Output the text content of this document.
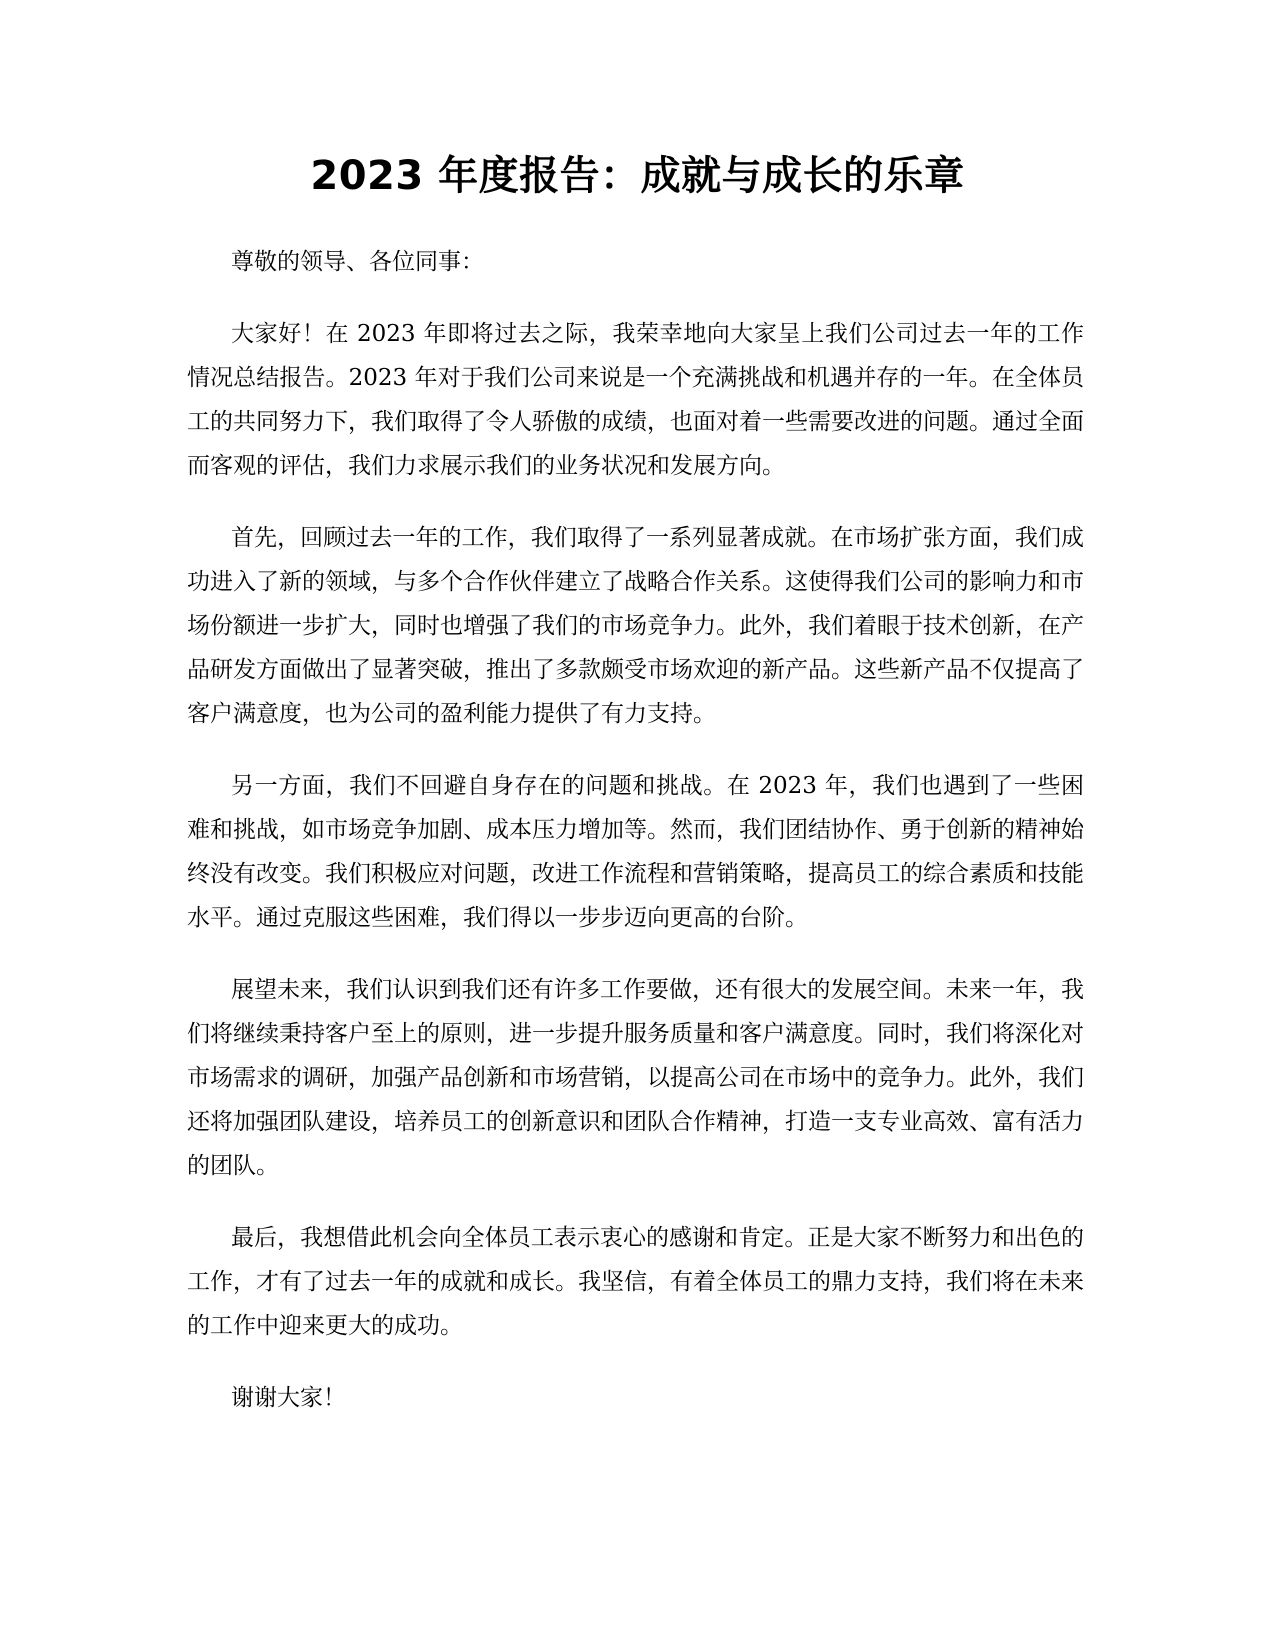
2023 年度报告：成就与成长的乐章

尊敬的领导、各位同事：

大家好！在 2023 年即将过去之际，我荣幸地向大家呈上我们公司过去一年的工作情况总结报告。2023 年对于我们公司来说是一个充满挑战和机遇并存的一年。在全体员工的共同努力下，我们取得了令人骄傲的成绩，也面对着一些需要改进的问题。通过全面而客观的评估，我们力求展示我们的业务状况和发展方向。

首先，回顾过去一年的工作，我们取得了一系列显著成就。在市场扩张方面，我们成功进入了新的领域，与多个合作伙伴建立了战略合作关系。这使得我们公司的影响力和市场份额进一步扩大，同时也增强了我们的市场竞争力。此外，我们着眼于技术创新，在产品研发方面做出了显著突破，推出了多款颇受市场欢迎的新产品。这些新产品不仅提高了客户满意度，也为公司的盈利能力提供了有力支持。

另一方面，我们不回避自身存在的问题和挑战。在 2023 年，我们也遇到了一些困难和挑战，如市场竞争加剧、成本压力增加等。然而，我们团结协作、勇于创新的精神始终没有改变。我们积极应对问题，改进工作流程和营销策略，提高员工的综合素质和技能水平。通过克服这些困难，我们得以一步步迈向更高的台阶。

展望未来，我们认识到我们还有许多工作要做，还有很大的发展空间。未来一年，我们将继续秉持客户至上的原则，进一步提升服务质量和客户满意度。同时，我们将深化对市场需求的调研，加强产品创新和市场营销，以提高公司在市场中的竞争力。此外，我们还将加强团队建设，培养员工的创新意识和团队合作精神，打造一支专业高效、富有活力的团队。

最后，我想借此机会向全体员工表示衷心的感谢和肯定。正是大家不断努力和出色的工作，才有了过去一年的成就和成长。我坚信，有着全体员工的鼎力支持，我们将在未来的工作中迎来更大的成功。

谢谢大家！
